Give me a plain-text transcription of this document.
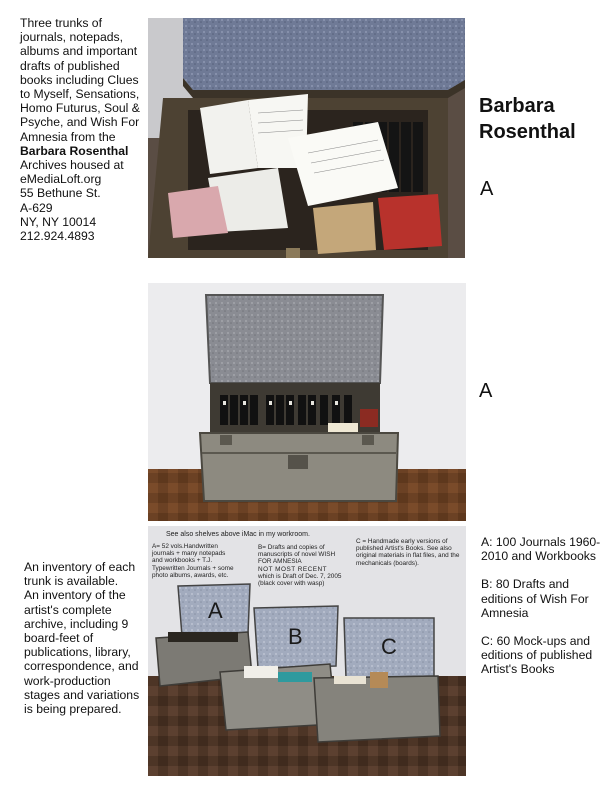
Three trunks of journals, notepads, albums and important drafts of published books including Clues to Myself, Sensations, Homo Futurus, Soul & Psyche, and Wish For Amnesia from the
Barbara Rosenthal
Archives housed at
eMediaLoft.org
55 Bethune St.
A-629
NY, NY 10014
212.924.4893
Barbara
Rosenthal
A
A
An inventory of each trunk is available.
An inventory of the artist's complete archive, including 9 board-feet of publications, library, correspondence, and work-production stages and variations is being prepared.
See also shelves above iMac in my workroom.
A= 52 vols.Handwritten journals + many notepads and workbooks + T.J. Typewritten Journals + some photo albums, awards, etc.
B= Drafts and copies of manuscripts of novel WISH FOR AMNESIA
NOT MOST RECENT
which is Draft of Dec. 7, 2005 (black cover with wasp)
C = Handmade early versions of published Artist's Books. See also original materials in flat files, and the mechanicals (boards).
A
B	C

A: 100 Journals 1960-2010 and Workbooks

B: 80 Drafts and editions of Wish For Amnesia

C: 60 Mock-ups and editions of published Artist's Books
